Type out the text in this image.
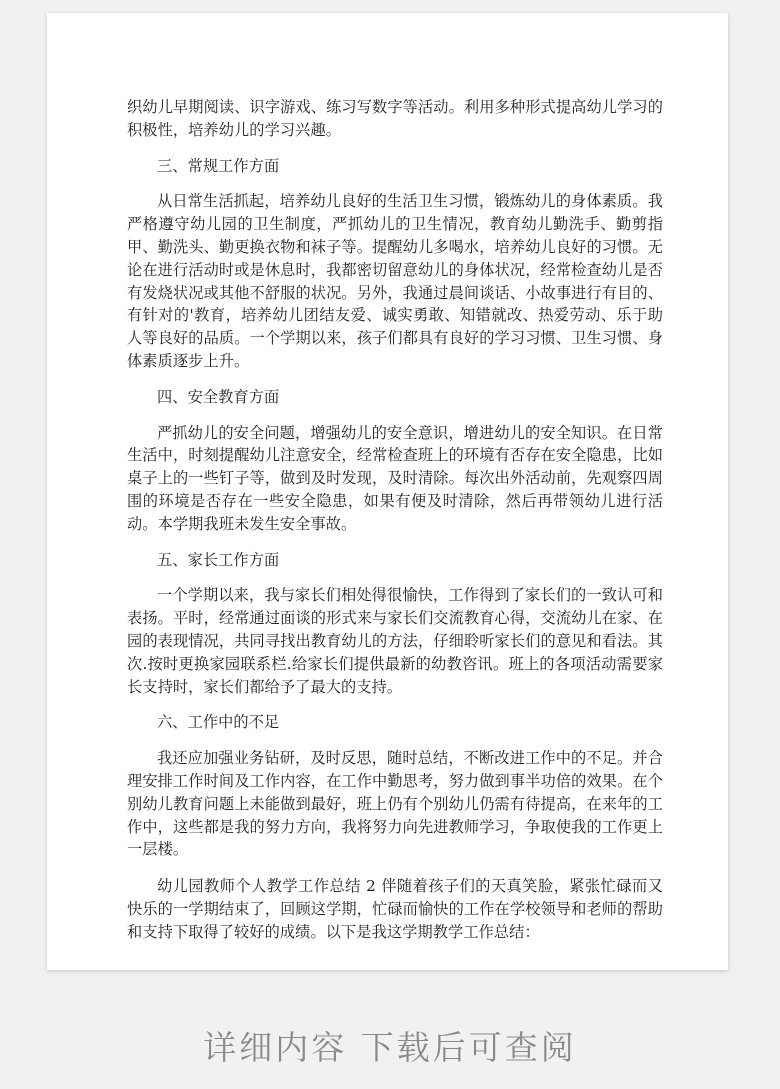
织幼儿早期阅读、识字游戏、练习写数字等活动。利用多种形式提高幼儿学习的积极性，培养幼儿的学习兴趣。

三、常规工作方面

从日常生活抓起，培养幼儿良好的生活卫生习惯，锻炼幼儿的身体素质。我严格遵守幼儿园的卫生制度，严抓幼儿的卫生情况，教育幼儿勤洗手、勤剪指甲、勤洗头、勤更换衣物和袜子等。提醒幼儿多喝水，培养幼儿良好的习惯。无论在进行活动时或是休息时，我都密切留意幼儿的身体状况，经常检查幼儿是否有发烧状况或其他不舒服的状况。另外，我通过晨间谈话、小故事进行有目的、有针对的'教育，培养幼儿团结友爱、诚实勇敢、知错就改、热爱劳动、乐于助人等良好的品质。一个学期以来，孩子们都具有良好的学习习惯、卫生习惯、身体素质逐步上升。

四、安全教育方面

严抓幼儿的安全问题，增强幼儿的安全意识，增进幼儿的安全知识。在日常生活中，时刻提醒幼儿注意安全，经常检查班上的环境有否存在安全隐患，比如桌子上的一些钉子等，做到及时发现，及时清除。每次出外活动前，先观察四周围的环境是否存在一些安全隐患，如果有便及时清除，然后再带领幼儿进行活动。本学期我班未发生安全事故。

五、家长工作方面

一个学期以来，我与家长们相处得很愉快，工作得到了家长们的一致认可和表扬。平时，经常通过面谈的形式来与家长们交流教育心得，交流幼儿在家、在园的表现情况，共同寻找出教育幼儿的方法，仔细聆听家长们的意见和看法。其次.按时更换家园联系栏.给家长们提供最新的幼教咨讯。班上的各项活动需要家长支持时，家长们都给予了最大的支持。

六、工作中的不足

我还应加强业务钻研，及时反思，随时总结，不断改进工作中的不足。并合理安排工作时间及工作内容，在工作中勤思考，努力做到事半功倍的效果。在个别幼儿教育问题上未能做到最好，班上仍有个别幼儿仍需有待提高，在来年的工作中，这些都是我的努力方向，我将努力向先进教师学习，争取使我的工作更上一层楼。

幼儿园教师个人教学工作总结 2 伴随着孩子们的天真笑脸，紧张忙碌而又快乐的一学期结束了，回顾这学期，忙碌而愉快的工作在学校领导和老师的帮助和支持下取得了较好的成绩。以下是我这学期教学工作总结：

详细内容 下载后可查阅
